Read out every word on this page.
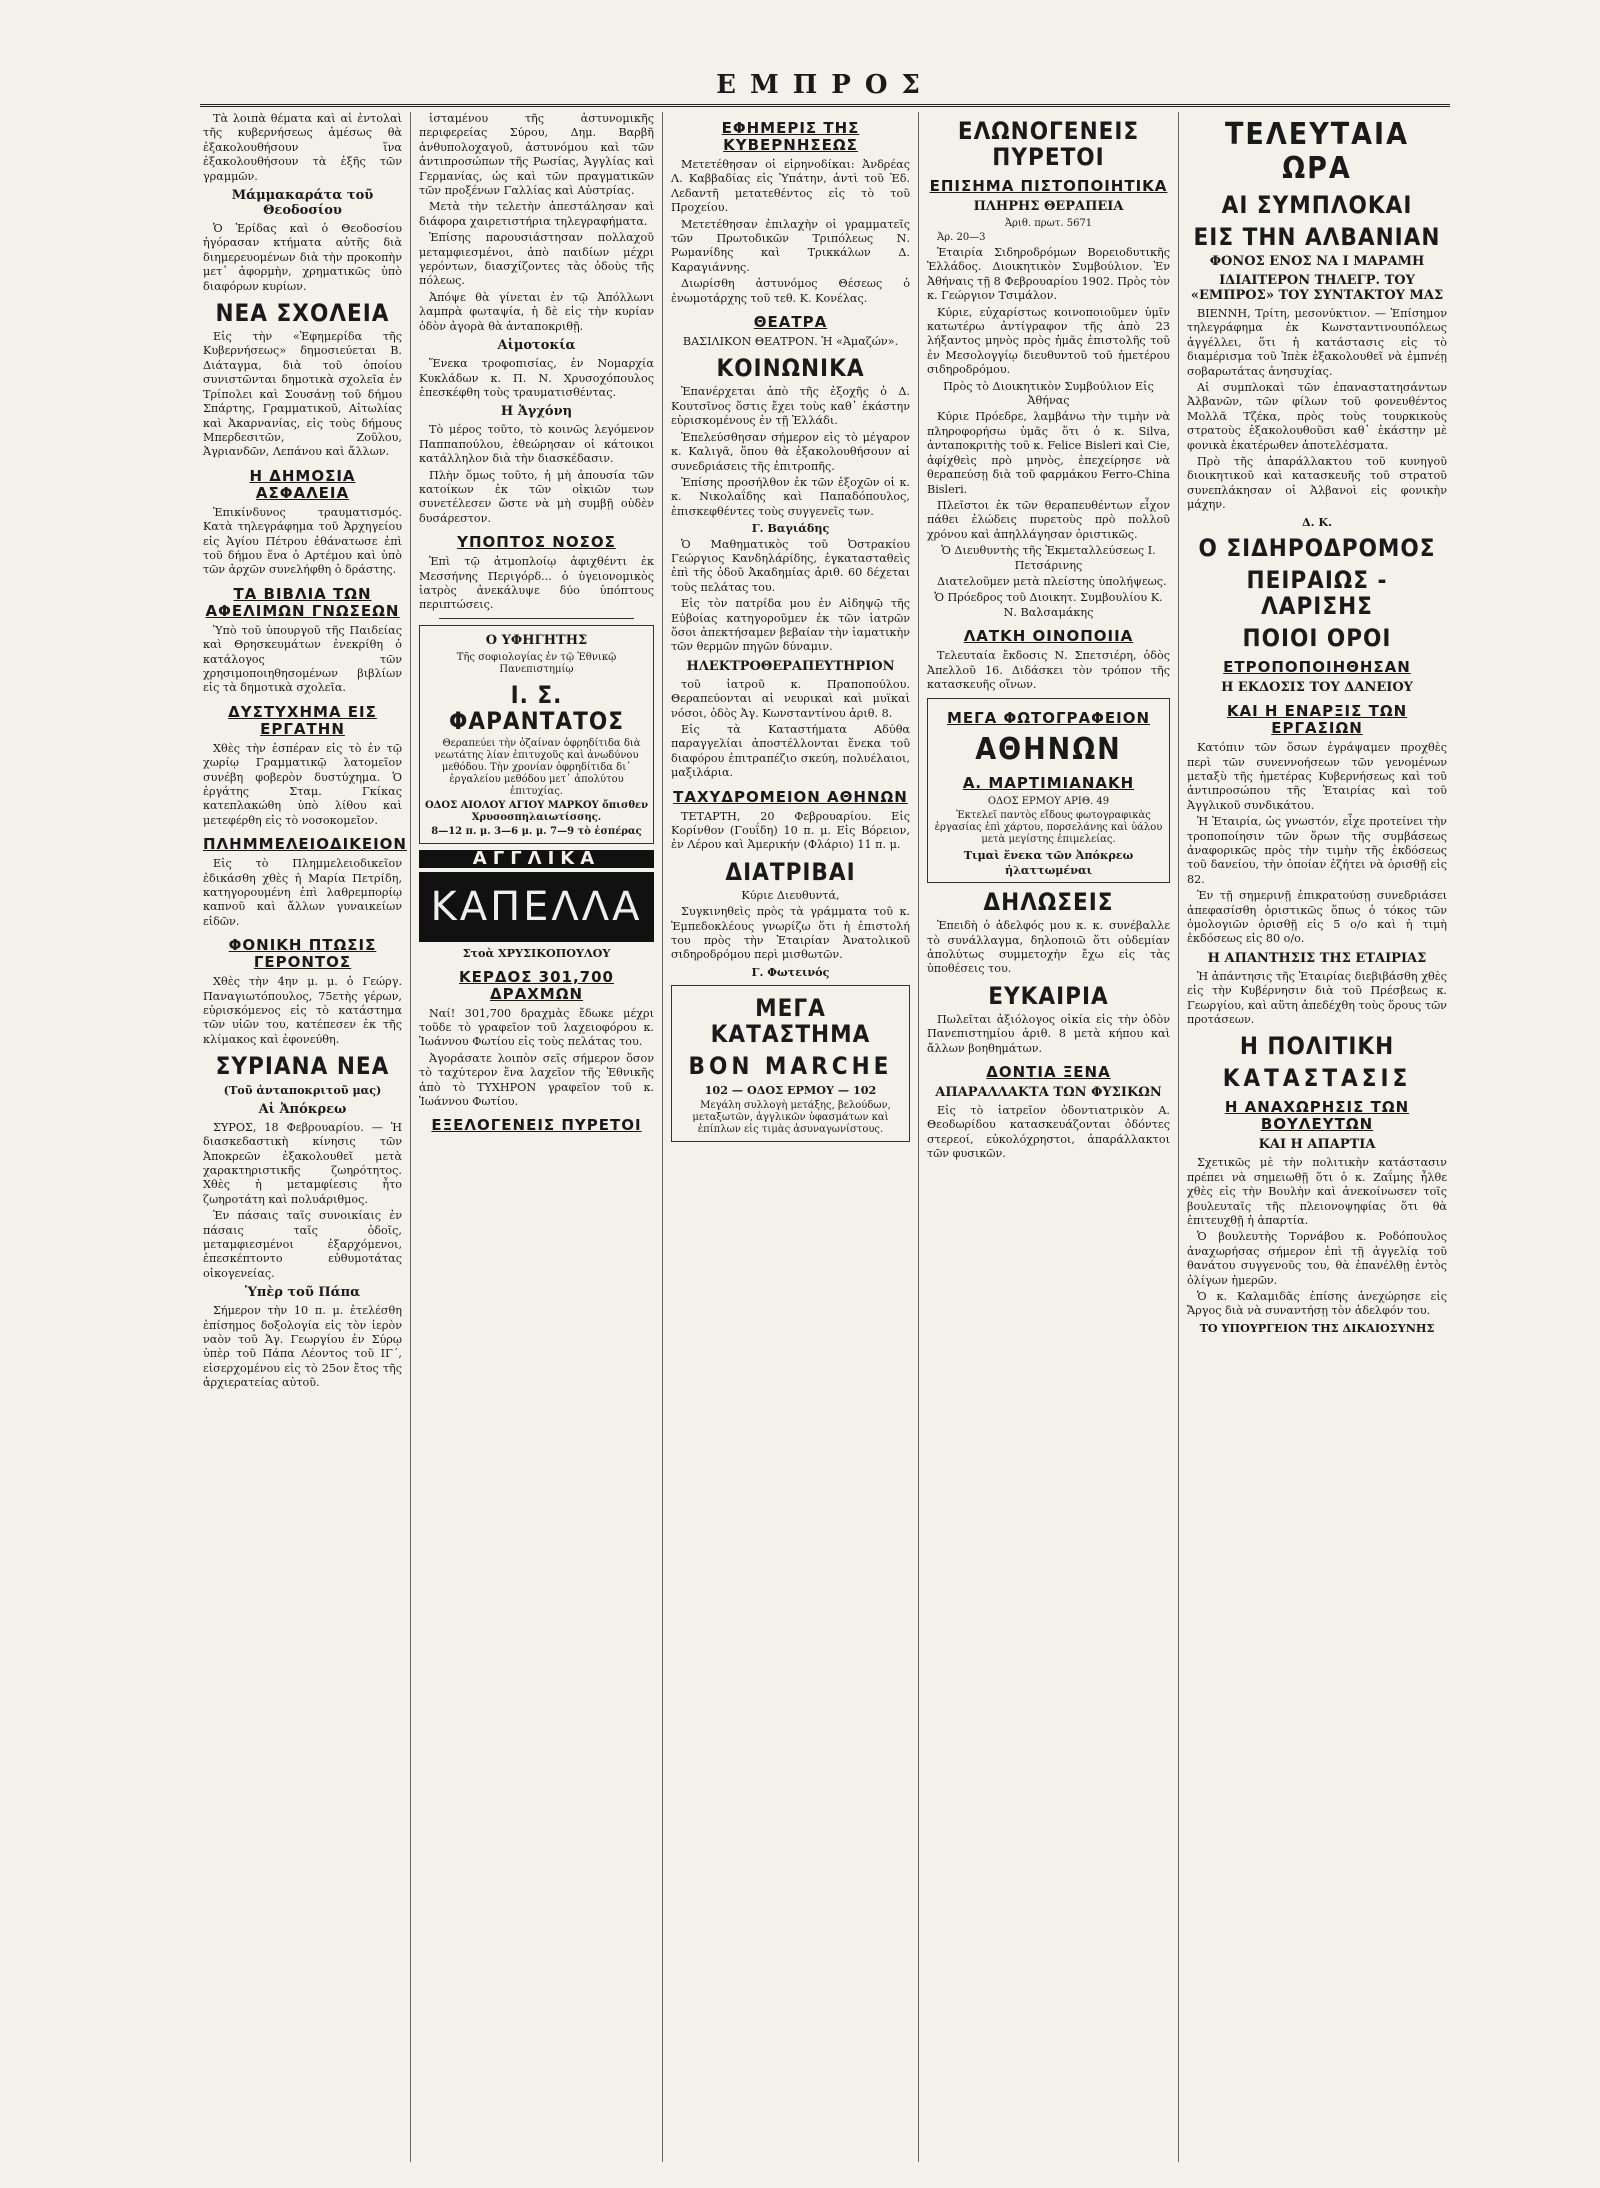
ΕΜΠΡΟΣ

Τὰ λοιπὰ θέματα καὶ αἱ ἐντολαὶ τῆς κυβερνήσεως ἀμέσως θὰ ἐξακολουθήσουν ἵνα ἐξακολουθήσουν τὰ ἐξῆς τῶν γραμμῶν.

Μάμμακαράτα τοῦ Θεοδοσίου

Ὁ Ἐρίδας καὶ ὁ Θεοδοσίου ἠγόρασαν κτήματα αὐτῆς διὰ διημερευομένων διὰ τὴν προκοπὴν μετ᾽ ἀφορμὴν, χρηματικῶς ὑπὸ διαφόρων κυρίων.

ΝΕΑ ΣΧΟΛΕΙΑ

Εἰς τὴν «Ἐφημερίδα τῆς Κυβερνήσεως» δημοσιεύεται Β. Διάταγμα, διὰ τοῦ ὁποίου συνιστῶνται δημοτικὰ σχολεῖα ἐν Τρίπολει καὶ Σουσάνῃ τοῦ δήμου Σπάρτης, Γραμματικοῦ, Αἰτωλίας καὶ Ἀκαρνανίας, εἰς τοὺς δήμους Μπερδεσιτῶν, Ζοῦλου, Ἀγριανδῶν, Λεπάνου καὶ ἄλλων.

Η ΔΗΜΟΣΙΑ ΑΣΦΑΛΕΙΑ

Ἐπικίνδυνος τραυματισμός. Κατὰ τηλεγράφημα τοῦ Ἀρχηγείου εἰς Ἀγίου Πέτρου ἐθάνατωσε ἐπὶ τοῦ δήμου ἕνα ὁ Αρτέμου καὶ ὑπὸ τῶν ἀρχῶν συνελήφθη ὁ δράστης.

ΤΑ ΒΙΒΛΙΑ ΤΩΝ ΑΦΕΛΙΜΩΝ ΓΝΩΣΕΩΝ

Ὑπὸ τοῦ ὑπουργοῦ τῆς Παιδείας καὶ Θρησκευμάτων ἐνεκρίθη ὁ κατάλογος τῶν χρησιμοποιηθησομένων βιβλίων εἰς τὰ δημοτικὰ σχολεῖα.

ΔΥΣΤΥΧΗΜΑ ΕΙΣ ΕΡΓΑΤΗΝ

Χθὲς τὴν ἑσπέραν εἰς τὸ ἐν τῷ χωρίῳ Γραμματικῷ λατομεῖον συνέβη φοβερὸν δυστύχημα. Ὁ ἐργάτης Σταμ. Γκίκας κατεπλακώθη ὑπὸ λίθου καὶ μετεφέρθη εἰς τὸ νοσοκομεῖον.

ΠΛΗΜΜΕΛΕΙΟΔΙΚΕΙΟΝ

Εἰς τὸ Πλημμελειοδικεῖον ἐδικάσθη χθὲς ἡ Μαρία Πετρίδη, κατηγορουμένη ἐπὶ λαθρεμπορίῳ καπνοῦ καὶ ἄλλων γυναικείων εἰδῶν.

ΦΟΝΙΚΗ ΠΤΩΣΙΣ ΓΕΡΟΝΤΟΣ

Χθὲς τὴν 4ην μ. μ. ὁ Γεώργ. Παναγιωτόπουλος, 75ετὴς γέρων, εὑρισκόμενος εἰς τὸ κατάστημα τῶν υἱῶν του, κατέπεσεν ἐκ τῆς κλίμακος καὶ ἐφονεύθη.

ΣΥΡΙΑΝΑ ΝΕΑ

(Τοῦ ἀνταποκριτοῦ μας)

Αἱ Ἀπόκρεω

ΣΥΡΟΣ, 18 Φεβρουαρίου. — Ἡ διασκεδαστικὴ κίνησις τῶν Ἀποκρεῶν ἐξακολουθεῖ μετὰ χαρακτηριστικῆς ζωηρότητος. Χθὲς ἡ μεταμφίεσις ἦτο ζωηροτάτη καὶ πολυάριθμος.

Ἐν πάσαις ταῖς συνοικίαις ἐν πάσαις ταῖς ὁδοῖς, μεταμφιεσμένοι ἐξαρχόμενοι, ἐπεσκέπτοντο εὐθυμοτάτας οἰκογενείας.

Ὑπὲρ τοῦ Πάπα

Σήμερον τὴν 10 π. μ. ἐτελέσθη ἐπίσημος δοξολογία εἰς τὸν ἱερὸν ναὸν τοῦ Ἁγ. Γεωργίου ἐν Σύρῳ ὑπὲρ τοῦ Πάπα Λέοντος τοῦ ΙΓ΄, εἰσερχομένου εἰς τὸ 25ον ἔτος τῆς ἀρχιερατείας αὐτοῦ.

ἰσταμένου τῆς ἀστυνομικῆς περιφερείας Σύρου, Δημ. Βαρβῆ ἀνθυπολοχαγοῦ, ἀστυνόμου καὶ τῶν ἀντιπροσώπων τῆς Ρωσίας, Ἀγγλίας καὶ Γερμανίας, ὡς καὶ τῶν πραγματικῶν τῶν προξένων Γαλλίας καὶ Αὐστρίας.

Μετὰ τὴν τελετὴν ἀπεστάλησαν καὶ διάφορα χαιρετιστήρια τηλεγραφήματα.

Ἐπίσης παρουσιάστησαν πολλαχοῦ μεταμφιεσμένοι, ἀπὸ παιδίων μέχρι γερόντων, διασχίζοντες τὰς ὁδοὺς τῆς πόλεως.

Ἀπόψε θὰ γίνεται ἐν τῷ Ἀπόλλωνι λαμπρὰ φωταψία, ἡ δὲ εἰς τὴν κυρίαν ὁδὸν ἀγορὰ θὰ ἀνταποκριθῇ.

Αἱμοτοκία

Ἕνεκα τροφοπισίας, ἐν Νομαρχία Κυκλάδων κ. Π. Ν. Χρυσοχόπουλος ἐπεσκέφθη τοὺς τραυματισθέντας.

Η Ἀγχόνη

Τὸ μέρος τοῦτο, τὸ κοινῶς λεγόμενον Παππαπούλου, ἐθεώρησαν οἱ κάτοικοι κατάλληλον διὰ τὴν διασκέδασιν.

Πλὴν ὅμως τοῦτο, ἡ μὴ ἀπουσία τῶν κατοίκων ἐκ τῶν οἰκιῶν των συνετέλεσεν ὥστε νὰ μὴ συμβῇ οὐδὲν δυσάρεστον.

ΥΠΟΠΤΟΣ ΝΟΣΟΣ

Ἐπὶ τῷ ἀτμοπλοίῳ ἀφιχθέντι ἐκ Μεσσήνης Περιγόρδ... ὁ ὑγειονομικὸς ἰατρὸς ἀνεκάλυψε δύο ὑπόπτους περιπτώσεις.

Ο ΥΦΗΓΗΤΗΣ

Τῆς σοφιολογίας ἐν τῷ Ἐθνικῷ Πανεπιστημίῳ

Ι. Σ. ΦΑΡΑΝΤΑΤΟΣ

Θεραπεύει τὴν ὀζαίναν ὀφρηδίτιδα διὰ νεωτάτης λίαν ἐπιτυχοῦς καὶ ἀνωδύνου μεθόδου. Τὴν χρονίαν ὀφρηδίτιδα δι᾽ ἐργαλείου μεθόδου μετ᾽ ἀπολύτου ἐπιτυχίας.

ΟΔΟΣ ΑΙΟΛΟΥ ΑΓΙΟΥ ΜΑΡΚΟΥ ὄπισθεν Χρυσοσπηλαιωτίσσης.

8—12 π. μ. 3—6 μ. μ. 7—9 τὸ ἑσπέρας

ΑΓΓΛΙΚΑ
ΚΑΠΕΛΛΑ

Στοὰ ΧΡΥΣΙΚΟΠΟΥΛΟΥ

ΚΕΡΔΟΣ 301,700 ΔΡΑΧΜΩΝ

Ναί! 301,700 δραχμὰς ἔδωκε μέχρι τοῦδε τὸ γραφεῖον τοῦ λαχειοφόρου κ. Ἰωάννου Φωτίου εἰς τοὺς πελάτας του.

Ἀγοράσατε λοιπὸν σεῖς σήμερον ὅσον τὸ ταχύτερον ἕνα λαχεῖον τῆς Ἐθνικῆς ἀπὸ τὸ ΤΥΧΗΡΟΝ γραφεῖον τοῦ κ. Ἰωάννου Φωτίου.

ΕΞΕΛΟΓΕΝΕΙΣ ΠΥΡΕΤΟΙ
ΕΦΗΜΕΡΙΣ ΤΗΣ ΚΥΒΕΡΝΗΣΕΩΣ

Μετετέθησαν οἱ εἰρηνοδίκαι: Ἀνδρέας Λ. Καββαδίας εἰς Ὑπάτην, ἀντὶ τοῦ Ἐδ. Λεδαντῆ μετατεθέντος εἰς τὸ τοῦ Προχείου.

Μετετέθησαν ἐπιλαχὴν οἱ γραμματεῖς τῶν Πρωτοδικῶν Τριπόλεως Ν. Ρωμανίδης καὶ Τρικκάλων Δ. Καραγιάννης.

Διωρίσθη ἀστυνόμος Θέσεως ὁ ἐνωμοτάρχης τοῦ τεθ. Κ. Κονέλας.

ΘΕΑΤΡΑ

ΒΑΣΙΛΙΚΟΝ ΘΕΑΤΡΟΝ. Ἡ «Ἀμαζών».

ΚΟΙΝΩΝΙΚΑ

Ἐπανέρχεται ἀπὸ τῆς ἐξοχῆς ὁ Δ. Κουτσῖνος ὅστις ἔχει τοὺς καθ᾽ ἑκάστην εὑρισκομένους ἐν τῇ Ἑλλάδι.

Ἐπελεύσθησαν σήμερον εἰς τὸ μέγαρον κ. Καλιγᾶ, ὅπου θὰ ἐξακολουθήσουν αἱ συνεδριάσεις τῆς ἐπιτροπῆς.

Ἐπίσης προσήλθον ἐκ τῶν ἐξοχῶν οἱ κ. κ. Νικολαΐδης καὶ Παπαδόπουλος, ἐπισκεφθέντες τοὺς συγγενεῖς των.

Γ. Βαγιάδης

Ὁ Μαθηματικὸς τοῦ Ὀστρακίου Γεώργιος Κανδηλάρίδης, ἐγκατασταθεὶς ἐπὶ τῆς ὁδοῦ Ἀκαδημίας ἀριθ. 60 δέχεται τοὺς πελάτας του.

Εἰς τὸν πατρίδα μου ἐν Αἰδηψῷ τῆς Εὐβοίας κατηγοροῦμεν ἐκ τῶν ἰατρῶν ὅσοι ἀπεκτήσαμεν βεβαίαν τὴν ἰαματικὴν τῶν θερμῶν πηγῶν δύναμιν.

ΗΛΕΚΤΡΟΘΕΡΑΠΕΥΤΗΡΙΟΝ

τοῦ ἰατροῦ κ. Πραποπούλου. Θεραπεύονται αἱ νευρικαὶ καὶ μυϊκαὶ νόσοι, ὁδὸς Ἀγ. Κωνσταντίνου ἀριθ. 8.

Εἰς τὰ Καταστήματα Αδύθα παραγγελίαι ἀποστέλλονται ἕνεκα τοῦ διαφόρου ἐπιτραπέζιο σκεύη, πολυέλαιοι, μαξιλάρια.

ΤΑΧΥΔΡΟΜΕΙΟΝ ΑΘΗΝΩΝ

ΤΕΤΑΡΤΗ, 20 Φεβρουαρίου. Εἰς Κορίνθον (Γουΐδη) 10 π. μ. Εἰς Βόρειον, ἐν Λέρου καὶ Ἀμερικήν (Φλάριο) 11 π. μ.

ΔΙΑΤΡΙΒΑΙ

Κύριε Διευθυντά,

Συγκινηθεὶς πρὸς τὰ γράμματα τοῦ κ. Ἐμπεδοκλέους γνωρίζω ὅτι ἡ ἐπιστολή του πρὸς τὴν Ἑταιρίαν Ἀνατολικοῦ σιδηροδρόμου περὶ μισθωτῶν.

Γ. Φωτεινός

ΜΕΓΑ ΚΑΤΑΣΤΗΜΑ
BON MARCHE

102 — ΟΔΟΣ ΕΡΜΟΥ — 102

Μεγάλη συλλογὴ μετάξης, βελούδων, μεταξωτῶν, ἀγγλικῶν ὑφασμάτων καὶ ἐπίπλων εἰς τιμὰς ἀσυναγωνίστους.

ΕΛΩΝΟΓΕΝΕΙΣ ΠΥΡΕΤΟΙ
ΕΠΙΣΗΜΑ ΠΙΣΤΟΠΟΙΗΤΙΚΑ
ΠΛΗΡΗΣ ΘΕΡΑΠΕΙΑ

Ἀριθ. πρωτ. 5671

Ἀρ. 20—3

Ἑταιρία Σιδηροδρόμων Βορειοδυτικῆς Ἑλλάδος. Διοικητικὸν Συμβούλιον. Ἐν Ἀθήναις τῇ 8 Φεβρουαρίου 1902. Πρὸς τὸν κ. Γεώργιον Τσιμάλον.

Κύριε, εὐχαρίστως κοινοποιοῦμεν ὑμῖν κατωτέρω ἀντίγραφον τῆς ἀπὸ 23 λήξαντος μηνὸς πρὸς ἡμᾶς ἐπιστολῆς τοῦ ἐν Μεσολογγίῳ διευθυντοῦ τοῦ ἡμετέρου σιδηροδρόμου.

Πρὸς τὸ Διοικητικὸν Συμβούλιον Εἰς Ἀθήνας

Κύριε Πρόεδρε, λαμβάνω τὴν τιμὴν νὰ πληροφορήσω ὑμᾶς ὅτι ὁ κ. Silva, ἀνταποκριτὴς τοῦ κ. Felice Bisleri καὶ Cie, ἀφίχθεὶς πρὸ μηνὸς, ἐπεχείρησε νὰ θεραπεύσῃ διὰ τοῦ φαρμάκου Ferro-China Bisleri.

Πλεῖστοι ἐκ τῶν θεραπευθέντων εἶχον πάθει ἐλώδεις πυρετοὺς πρὸ πολλοῦ χρόνου καὶ ἀπηλλάγησαν ὁριστικῶς.

Ὁ Διευθυντὴς τῆς Ἐκμεταλλεύσεως Ι. Πετσάρινης

Διατελοῦμεν μετὰ πλείστης ὑπολήψεως.

Ὁ Πρόεδρος τοῦ Διοικητ. Συμβουλίου Κ. Ν. Βαλσαμάκης

ΛΑΤΚΗ ΟΙΝΟΠΟΙΙΑ

Τελευταία ἔκδοσις Ν. Σπετσιέρη, ὁδὸς Ἀπελλοῦ 16. Διδάσκει τὸν τρόπον τῆς κατασκευῆς οἴνων.

ΜΕΓΑ ΦΩΤΟΓΡΑΦΕΙΟΝ
ΑΘΗΝΩΝ
Α. ΜΑΡΤΙΜΙΑΝΑΚΗ

ΟΔΟΣ ΕΡΜΟΥ ΑΡΙΘ. 49

Ἐκτελεῖ παντὸς εἴδους φωτογραφικὰς ἐργασίας ἐπὶ χάρτου, πορσελάνης καὶ ὑάλου μετὰ μεγίστης ἐπιμελείας.

Τιμαὶ ἕνεκα τῶν Ἀπόκρεω ἠλαττωμέναι

ΔΗΛΩΣΕΙΣ

Ἐπειδὴ ὁ ἀδελφός μου κ. κ. συνέβαλλε τὸ συνάλλαγμα, δηλοποιῶ ὅτι οὐδεμίαν ἀπολύτως συμμετοχὴν ἔχω εἰς τὰς ὑποθέσεις του.

ΕΥΚΑΙΡΙΑ

Πωλεῖται ἀξιόλογος οἰκία εἰς τὴν ὁδὸν Πανεπιστημίου ἀριθ. 8 μετὰ κήπου καὶ ἄλλων βοηθημάτων.

ΔΟΝΤΙΑ ΞΕΝΑ
ΑΠΑΡΑΛΛΑΚΤΑ ΤΩΝ ΦΥΣΙΚΩΝ

Εἰς τὸ ἰατρεῖον ὀδοντιατρικὸν Α. Θεοδωρίδου κατασκευάζονται ὀδόντες στερεοί, εὐκολόχρηστοι, ἀπαράλλακτοι τῶν φυσικῶν.

ΤΕΛΕΥΤΑΙΑ ΩΡΑ
ΑΙ ΣΥΜΠΛΟΚΑΙ
ΕΙΣ ΤΗΝ ΑΛΒΑΝΙΑΝ
ΦΟΝΟΣ ΕΝΟΣ ΝΑ Ι ΜΑΡΑΜΗ
ΙΔΙΑΙΤΕΡΟΝ ΤΗΛΕΓΡ. ΤΟΥ «ΕΜΠΡΟΣ» ΤΟΥ ΣΥΝΤΑΚΤΟΥ ΜΑΣ

ΒΙΕΝΝΗ, Τρίτη, μεσονύκτιον. — Ἐπίσημον τηλεγράφημα ἐκ Κωνσταντινουπόλεως ἀγγέλλει, ὅτι ἡ κατάστασις εἰς τὸ διαμέρισμα τοῦ Ἰπὲκ ἐξακολουθεῖ νὰ ἐμπνέῃ σοβαρωτάτας ἀνησυχίας.

Αἱ συμπλοκαὶ τῶν ἐπαναστατησάντων Ἀλβανῶν, τῶν φίλων τοῦ φονευθέντος Μολλᾶ Τζέκα, πρὸς τοὺς τουρκικοὺς στρατοὺς ἐξακολουθοῦσι καθ᾽ ἑκάστην μὲ φονικὰ ἑκατέρωθεν ἀποτελέσματα.

Πρὸ τῆς ἀπαράλλακτου τοῦ κυνηγοῦ διοικητικοῦ καὶ κατασκευῆς τοῦ στρατοῦ συνεπλάκησαν οἱ Ἀλβανοὶ εἰς φονικὴν μάχην.

Δ. Κ.

Ο ΣΙΔΗΡΟΔΡΟΜΟΣ
ΠΕΙΡΑΙΩΣ - ΛΑΡΙΣΗΣ
ΠΟΙΟΙ ΟΡΟΙ
ΕΤΡΟΠΟΠΟΙΗΘΗΣΑΝ
Η ΕΚΔΟΣΙΣ ΤΟΥ ΔΑΝΕΙΟΥ
ΚΑΙ Η ΕΝΑΡΞΙΣ ΤΩΝ ΕΡΓΑΣΙΩΝ

Κατόπιν τῶν ὅσων ἐγράψαμεν προχθὲς περὶ τῶν συνεννοήσεων τῶν γενομένων μεταξὺ τῆς ἡμετέρας Κυβερνήσεως καὶ τοῦ ἀντιπροσώπου τῆς Ἑταιρίας καὶ τοῦ Ἀγγλικοῦ συνδικάτου.

Ἡ Ἑταιρία, ὡς γνωστόν, εἶχε προτείνει τὴν τροποποίησιν τῶν ὅρων τῆς συμβάσεως ἀναφορικῶς πρὸς τὴν τιμὴν τῆς ἐκδόσεως τοῦ δανείου, τὴν ὁποίαν ἐζήτει νὰ ὁρισθῇ εἰς 82.

Ἐν τῇ σημερινῇ ἐπικρατούσῃ συνεδριάσει ἀπεφασίσθη ὁριστικῶς ὅπως ὁ τόκος τῶν ὁμολογιῶν ὁρισθῇ εἰς 5 ο/ο καὶ ἡ τιμὴ ἐκδόσεως εἰς 80 ο/ο.

Η ΑΠΑΝΤΗΣΙΣ ΤΗΣ ΕΤΑΙΡΙΑΣ

Ἡ ἀπάντησις τῆς Ἑταιρίας διεβιβάσθη χθὲς εἰς τὴν Κυβέρνησιν διὰ τοῦ Πρέσβεως κ. Γεωργίου, καὶ αὕτη ἀπεδέχθη τοὺς ὅρους τῶν προτάσεων.

Η ΠΟΛΙΤΙΚΗ
ΚΑΤΑΣΤΑΣΙΣ
Η ΑΝΑΧΩΡΗΣΙΣ ΤΩΝ ΒΟΥΛΕΥΤΩΝ
ΚΑΙ Η ΑΠΑΡΤΙΑ

Σχετικῶς μὲ τὴν πολιτικὴν κατάστασιν πρέπει νὰ σημειωθῇ ὅτι ὁ κ. Ζαΐμης ἦλθε χθὲς εἰς τὴν Βουλὴν καὶ ἀνεκοίνωσεν τοῖς βουλευταῖς τῆς πλειονοψηφίας ὅτι θὰ ἐπιτευχθῇ ἡ ἀπαρτία.

Ὁ βουλευτὴς Τορνάβου κ. Ροδόπουλος ἀναχωρήσας σήμερον ἐπὶ τῇ ἀγγελίᾳ τοῦ θανάτου συγγενοῦς του, θὰ ἐπανέλθῃ ἐντὸς ὀλίγων ἡμερῶν.

Ὁ κ. Καλαμιδᾶς ἐπίσης ἀνεχώρησε εἰς Ἄργος διὰ νὰ συναντήσῃ τὸν ἀδελφόν του.

ΤΟ ΥΠΟΥΡΓΕΙΟΝ ΤΗΣ ΔΙΚΑΙΟΣΥΝΗΣ
